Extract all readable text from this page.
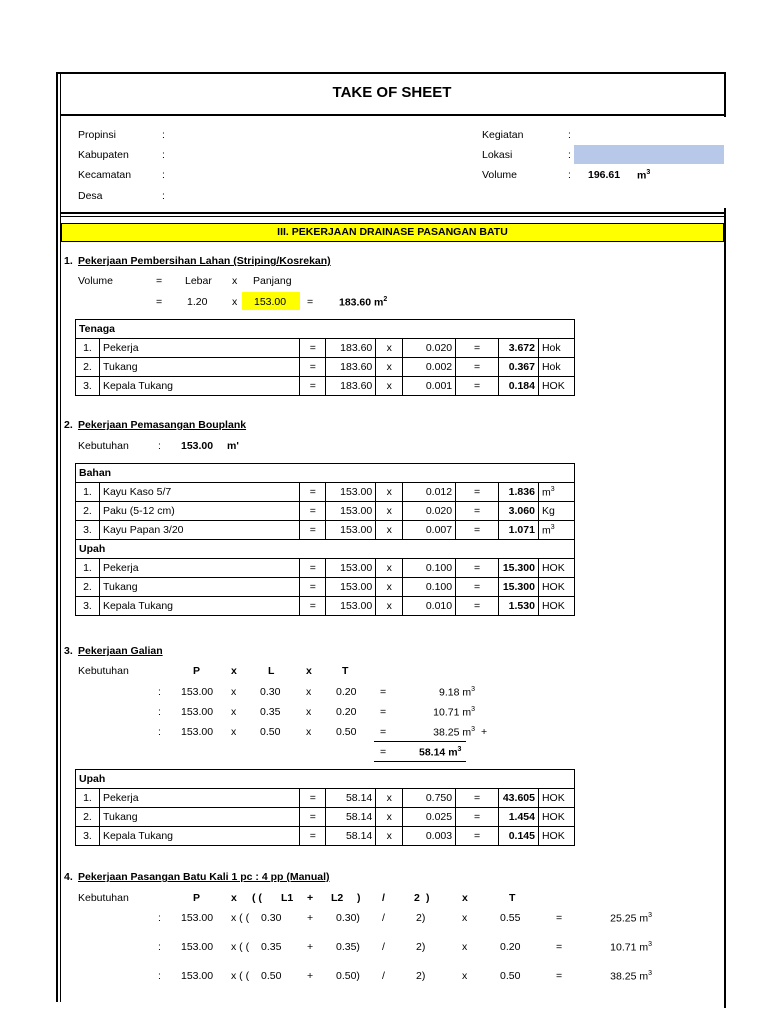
TAKE OF SHEET
Propinsi	:
Kabupaten	:
Kecamatan	:
Desa	:
Kegiatan	:
Lokasi	:
Volume	: 196.61 $m^3$
III. PEKERJAAN DRAINASE PASANGAN BATU
1. Pekerjaan Pembersihan Lahan (Striping/Kosrekan)
Volume	= Lebar x Panjang
= 1.20 x 153.00 = 183.60 $m^2$
Tenaga								
1.	Pekerja	=	183.60	x	0.020	=	3.672	Hok
2.	Tukang	=	183.60	x	0.002	=	0.367	Hok
3.	Kepala Tukang	=	183.60	x	0.001	=	0.184	HOK
2. Pekerjaan Pemasangan Bouplank
Kebutuhan	: 153.00 m'
Bahan								
1.	Kayu Kaso 5/7	=	153.00	x	0.012	=	1.836	$m^3$
2.	Paku (5-12 cm)	=	153.00	x	0.020	=	3.060	Kg
3.	Kayu Papan 3/20	=	153.00	x	0.007	=	1.071	$m^3$
Upah								
1.	Pekerja	=	153.00	x	0.100	=	15.300	HOK
2.	Tukang	=	153.00	x	0.100	=	15.300	HOK
3.	Kepala Tukang	=	153.00	x	0.010	=	1.530	HOK
3. Pekerjaan Galian
Kebutuhan	P	x	L	x	T
: 153.00 x 0.30 x 0.20 =	9.18 $m^3$
: 153.00 x 0.35 x 0.20 =	10.71 $m^3$
: 153.00 x 0.50 x 0.50 =	38.25 $m^3$ +
=	58.14 $m^3$
Upah								
1.	Pekerja	=	58.14	x	0.750	=	43.605	HOK
2.	Tukang	=	58.14	x	0.025	=	1.454	HOK
3.	Kepala Tukang	=	58.14	x	0.003	=	0.145	HOK
4. Pekerjaan Pasangan Batu Kali 1 pc : 4 pp (Manual)
Kebutuhan	P	x ( ( L1 + L2 ) /	2 )	x	T
: 153.00 x ( ( 0.30 + 0.30) /	2)	x	0.55	=	25.25 $m^3$
: 153.00 x ( ( 0.35 + 0.35) /	2)	x	0.20	=	10.71 $m^3$
: 153.00 x ( ( 0.50 + 0.50) /	2)	x	0.50	=	38.25 $m^3$
